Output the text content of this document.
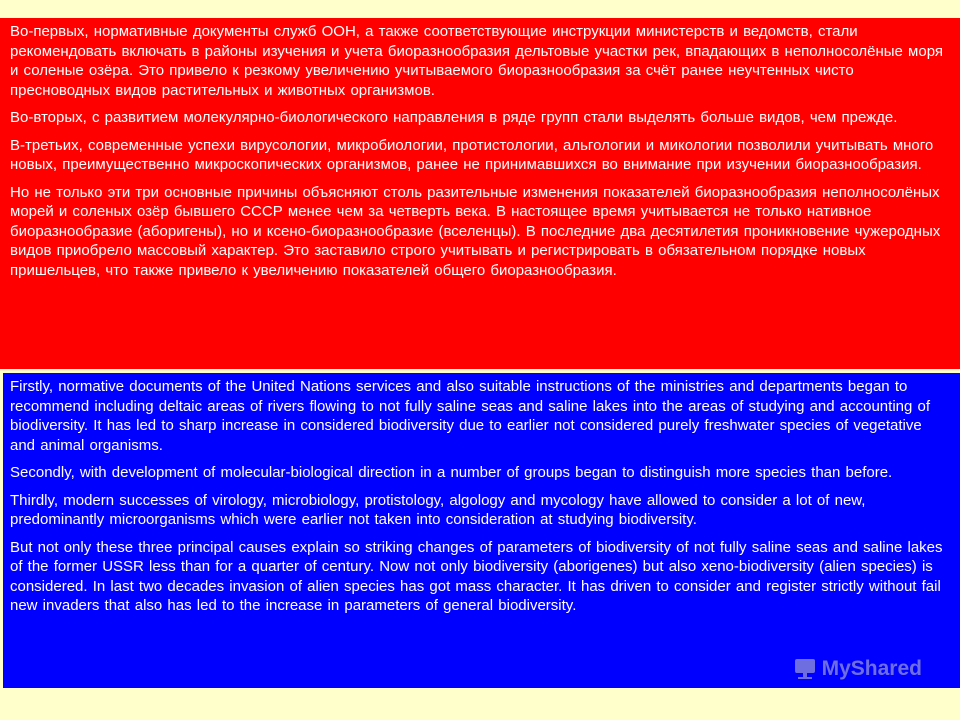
Во-первых, нормативные документы служб ООН, а также соответствующие инструкции министерств и ведомств, стали рекомендовать включать в районы изучения и учета биоразнообразия дельтовые участки рек, впадающих в неполносолёные моря и соленые озёра. Это привело к резкому увеличению учитываемого биоразнообразия за счёт ранее неучтенных чисто пресноводных видов растительных и животных организмов.

Во-вторых, с развитием молекулярно-биологического направления в ряде групп стали выделять больше видов, чем прежде.

В-третьих, современные успехи вирусологии, микробиологии, протистологии, альгологии и микологии позволили учитывать много новых, преимущественно микроскопических организмов, ранее не принимавшихся во внимание при изучении биоразнообразия.

Но не только эти три основные причины объясняют столь разительные изменения показателей биоразнообразия неполносолёных морей и соленых озёр бывшего СССР менее чем за четверть века. В настоящее время учитывается не только нативное биоразнообразие (аборигены), но и ксено-биоразнообразие (вселенцы). В последние два десятилетия проникновение чужеродных видов приобрело массовый характер. Это заставило строго учитывать и регистрировать в обязательном порядке новых пришельцев, что также привело к увеличению показателей общего биоразнообразия.

Firstly, normative documents of the United Nations services and also suitable instructions of the ministries and departments began to recommend including deltaic areas of rivers flowing to not fully saline seas and saline lakes into the areas of studying and accounting of biodiversity. It has led to sharp increase in considered biodiversity due to earlier not considered purely freshwater species of vegetative and animal organisms.

Secondly, with development of molecular-biological direction in a number of groups began to distinguish more species than before.

Thirdly, modern successes of virology, microbiology, protistology, algology and mycology have allowed to consider a lot of new, predominantly microorganisms which were earlier not taken into consideration at studying biodiversity.

But not only these three principal causes explain so striking changes of parameters of biodiversity of not fully saline seas and saline lakes of the former USSR less than for a quarter of century. Now not only biodiversity (aborigenes) but also xeno-biodiversity (alien species) is considered. In last two decades invasion of alien species has got mass character. It has driven to consider and register strictly without fail new invaders that also has led to the increase in parameters of general biodiversity.

MyShared
